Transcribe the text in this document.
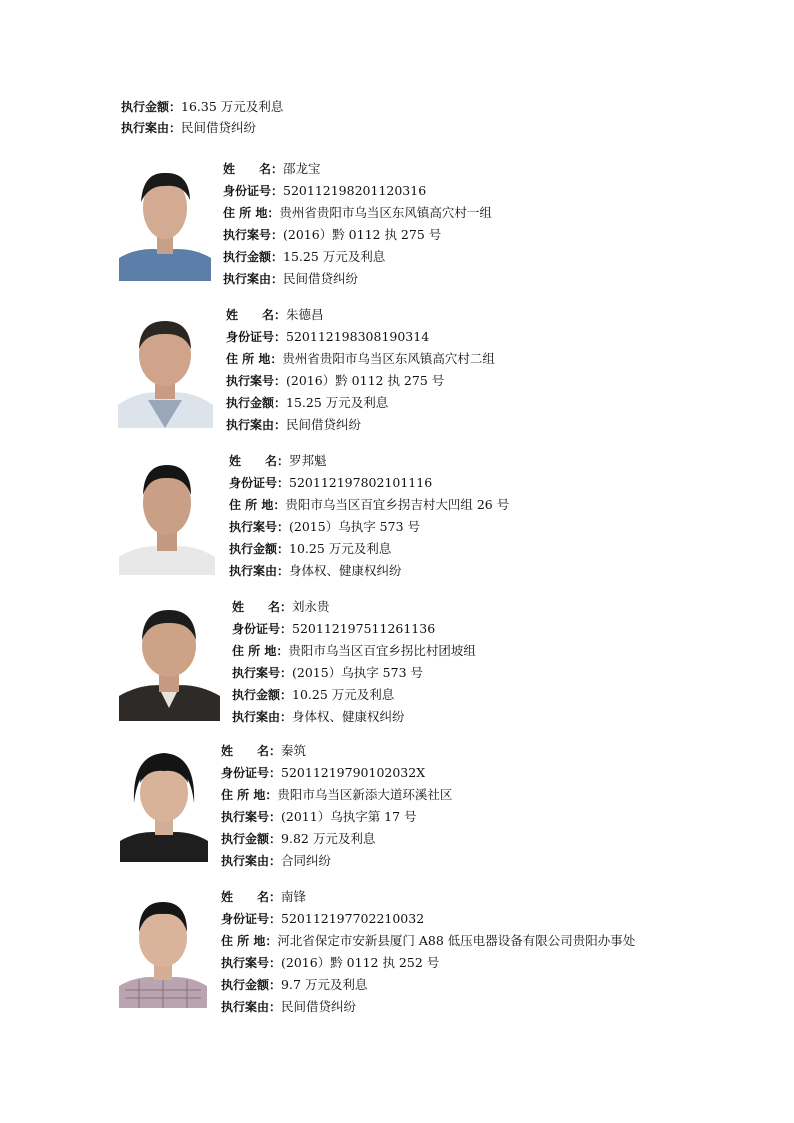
执行金额：16.35 万元及利息
执行案由：民间借贷纠纷
姓　　名：邵龙宝
身份证号：520112198201120316
住 所 地：贵州省贵阳市乌当区东风镇高穴村一组
执行案号：(2016）黔 0112 执 275 号
执行金额：15.25 万元及利息
执行案由：民间借贷纠纷
姓　　名：朱德昌
身份证号：520112198308190314
住 所 地：贵州省贵阳市乌当区东风镇高穴村二组
执行案号：(2016）黔 0112 执 275 号
执行金额：15.25 万元及利息
执行案由：民间借贷纠纷
姓　　名：罗邦魁
身份证号：520112197802101116
住 所 地：贵阳市乌当区百宜乡拐吉村大凹组 26 号
执行案号：(2015）乌执字 573 号
执行金额：10.25 万元及利息
执行案由：身体权、健康权纠纷
姓　　名：刘永贵
身份证号：520112197511261136
住 所 地：贵阳市乌当区百宜乡拐比村团坡组
执行案号：(2015）乌执字 573 号
执行金额：10.25 万元及利息
执行案由：身体权、健康权纠纷
姓　　名：秦筑
身份证号：52011219790102032X
住 所 地：贵阳市乌当区新添大道环溪社区
执行案号：(2011）乌执字第 17 号
执行金额：9.82 万元及利息
执行案由：合同纠纷
姓　　名：南锋
身份证号：520112197702210032
住 所 地：河北省保定市安新县厦门 A88 低压电器设备有限公司贵阳办事处
执行案号：(2016）黔 0112 执 252 号
执行金额：9.7 万元及利息
执行案由：民间借贷纠纷
